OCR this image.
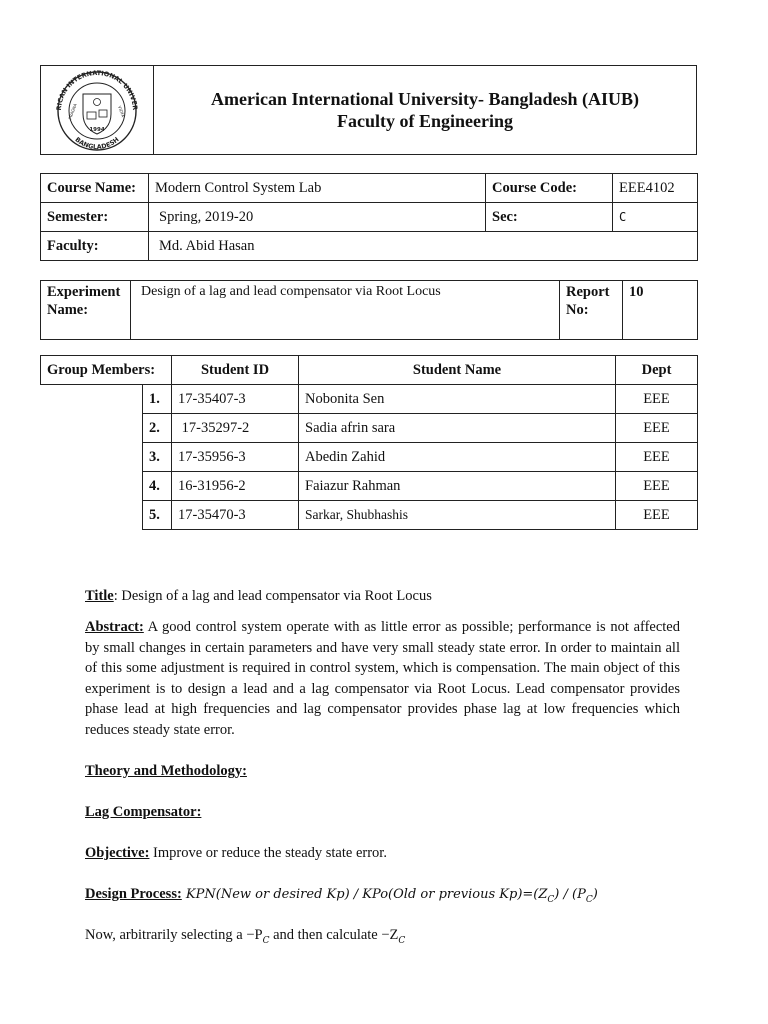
RICAN INTERNATIONAL UNIVER
BANGLADESH
1994
PRAGNA	VIDYA
American International University- Bangladesh (AIUB)
Faculty of Engineering
Course Name:	Modern Control System Lab	Course Code:	EEE4102
Semester:	Spring, 2019-20	Sec:	C
Faculty:	Md. Abid Hasan		
Experiment Name:	Design of a lag and lead compensator via Root Locus	Report No:	10
Group Members:	Student ID	Student Name	Dept
1.	17-35407-3	Nobonita Sen	EEE
2.	17-35297-2	Sadia afrin sara	EEE
3.	17-35956-3	Abedin Zahid	EEE
4.	16-31956-2	Faiazur Rahman	EEE
5.	17-35470-3	Sarkar, Shubhashis	EEE
Title: Design of a lag and lead compensator via Root Locus
Abstract: A good control system operate with as little error as possible; performance is not affected by small changes in certain parameters and have very small steady state error. In order to maintain all of this some adjustment is required in control system, which is compensation. The main object of this experiment is to design a lead and a lag compensator via Root Locus. Lead compensator provides phase lead at high frequencies and lag compensator provides phase lag at low frequencies which reduces steady state error.
Theory and Methodology:
Lag Compensator:
Objective: Improve or reduce the steady state error.
Design Process: KPN(New or desired Kp) / KPo(Old or previous $Kp)=(Z_C) / (P_C)$
Now, arbitrarily selecting $a -P_C$ and then calculate $-Z_C$
